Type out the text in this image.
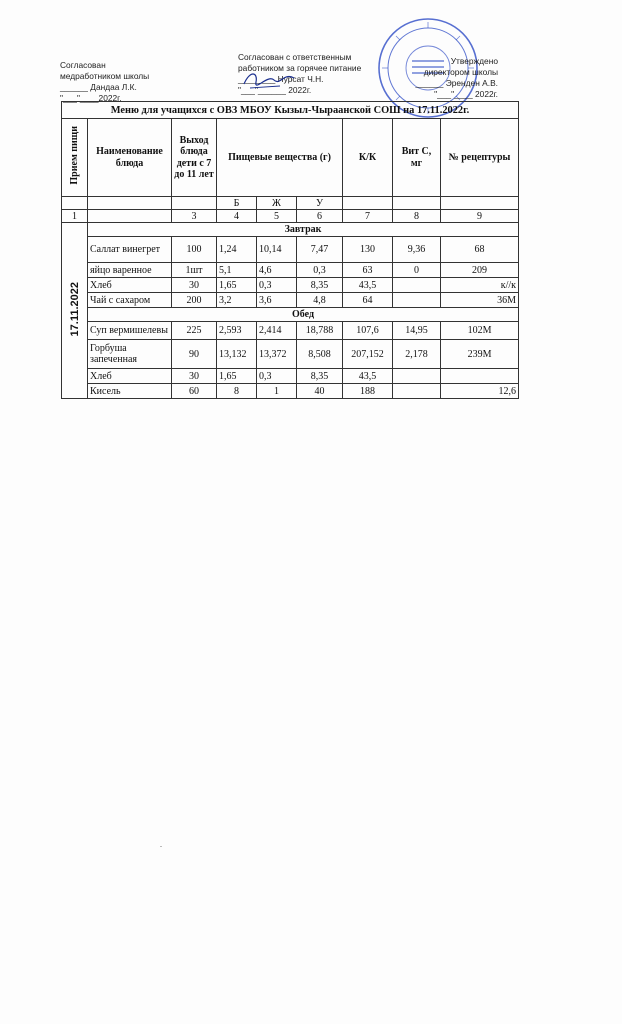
Согласован
медработником школы
______ Дандаа Л.К.
"___"____2022г.
Согласован с ответственным
работником за горячее питание
________ Нурсат Ч.Н.
"___"______ 2022г.
Утверждено
директором школы
______ Эренден А.В.
"___"____ 2022г.
Меню для учащихся с ОВЗ МБОУ Кызыл-Чыраанской СОШ на 17.11.2022г.								
Прием пищи	Наименование блюда	Выход блюда дети с 7 до 11 лет	Пищевые вещества (г)			К/К	Вит С, мг	№ рецептуры
			Б	Ж	У			
1		3	4	5	6	7	8	9
17.11.2022	Завтрак							
	Саллат винегрет	100	1,24	10,14	7,47	130	9,36	68
	яйцо варенное	1шт	5,1	4,6	0,3	63	0	209
	Хлеб	30	1,65	0,3	8,35	43,5		к//к
	Чай с сахаром	200	3,2	3,6	4,8	64		36М
	Обед							
	Суп вермишелевы	225	2,593	2,414	18,788	107,6	14,95	102М
	Горбуша запеченная	90	13,132	13,372	8,508	207,152	2,178	239М
	Хлеб	30	1,65	0,3	8,35	43,5		
	Кисель	60	8	1	40	188		12,6
